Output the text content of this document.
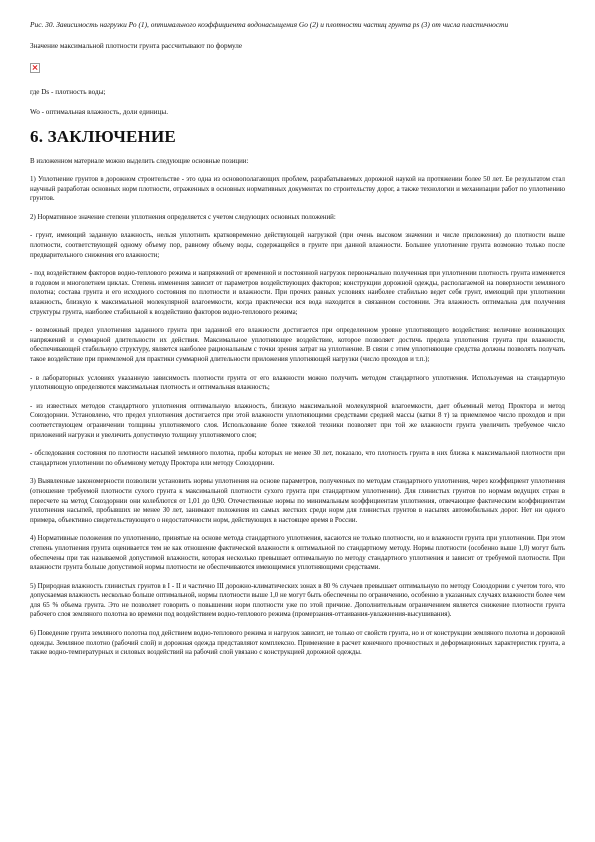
Рис. 30. Зависимость нагрузки Ро (1), оптимального коэффициента водонасыщения Go (2) и плотности частиц грунта ps (3) от числа пластичности

Значение максимальной плотности грунта рассчитывают по формуле

где Ds - плотность воды;

Wo - оптимальная влажность, доли единицы.

6. ЗАКЛЮЧЕНИЕ

В изложенном материале можно выделить следующие основные позиции:

1) Уплотнение грунтов в дорожном строительстве - это одна из основополагающих проблем, разрабатываемых дорожной наукой на протяжении более 50 лет. Ее результатом стал научный разработан основных норм плотности, отраженных в основных нормативных документах по строительству дорог, а также технологии и механизации работ по уплотнению грунтов.

2) Нормативное значение степени уплотнения определяется с учетом следующих основных положений:

- грунт, имеющий заданную влажность, нельзя уплотнить кратковременно действующей нагрузкой (при очень высоком значении и числе приложения) до плотности выше плотности, соответствующей одному объему пор, равному объему воды, содержащейся в грунте при данной влажности. Большее уплотнение грунта возможно только после предварительного снижения его влажности;

- под воздействием факторов водно-теплового режима и напряжений от временной и постоянной нагрузок первоначально полученная при уплотнении плотность грунта изменяется в годовом и многолетнем циклах. Степень изменения зависит от параметров воздействующих факторов; конструкции дорожной одежды, располагаемой на поверхности земляного полотна; состава грунта и его исходного состояния по плотности и влажности. При прочих равных условиях наиболее стабильно ведет себя грунт, имеющий при уплотнении влажность, близкую к максимальной молекулярной влагоемкости, когда практически вся вода находится в связанном состоянии. Эта влажность оптимальна для получения структуры грунта, наиболее стабильной к воздействию факторов водно-теплового режима;

- возможный предел уплотнения заданного грунта при заданной его влажности достигается при определенном уровне уплотняющего воздействия: величине возникающих напряжений и суммарной длительности их действия. Максимальное уплотняющее воздействие, которое позволяет достичь предела уплотнения грунта при влажности, обеспечивающей стабильную структуру, является наиболее рациональным с точки зрения затрат на уплотнение. В связи с этим уплотняющие средства должны позволять получать такое воздействие при приемлемой для практики суммарной длительности приложения уплотняющей нагрузки (число проходов и т.п.);

- в лабораторных условиях указанную зависимость плотности грунта от его влажности можно получить методом стандартного уплотнения. Используемая на стандартную уплотняющую определяются максимальная плотность и оптимальная влажность;

- из известных методов стандартного уплотнения оптимальную влажность, близкую максимальной молекулярной влагоемкости, дает объемный метод Проктора и метод Союздорнии. Установлено, что предел уплотнения достигается при этой влажности уплотняющими средствами средней массы (катки 8 т) за приемлемое число проходов и при соответствующем ограничении толщины уплотняемого слоя. Использование более тяжелой техники позволяет при той же влажности грунта увеличить требуемое число приложений нагрузки и увеличить допустимую толщину уплотняемого слоя;

- обследования состояния по плотности насыпей земляного полотна, пробы которых не менее 30 лет, показало, что плотность грунта в них близка к максимальной плотности при стандартном уплотнении по объемному методу Проктора или методу Союздорнии.

3) Выявленные закономерности позволили установить нормы уплотнения на основе параметров, полученных по методам стандартного уплотнения, через коэффициент уплотнения (отношение требуемой плотности сухого грунта к максимальной плотности сухого грунта при стандартном уплотнении). Для глинистых грунтов по нормам ведущих стран в пересчете на метод Союздорнии они колеблются от 1,01 до 0,90. Отечественные нормы по минимальным коэффициентам уплотнения, отвечающие фактическим коэффициентам уплотнения насыпей, пробывших не менее 30 лет, занимают положения из самых жестких среди норм для глинистых грунтов в насыпях автомобильных дорог. Нет ни одного примера, объективно свидетельствующего о недостаточности норм, действующих в настоящее время в России.

4) Нормативные положения по уплотнению, принятые на основе метода стандартного уплотнения, касаются не только плотности, но и влажности грунта при уплотнении. При этом степень уплотнения грунта оценивается тем не как отношение фактической влажности к оптимальной по стандартному методу. Нормы плотности (особенно выше 1,0) могут быть обеспечены при так называемой допустимой влажности, которая несколько превышает оптимальную по методу стандартного уплотнения и зависит от требуемой плотности. При влажности грунта больше допустимой нормы плотности не обеспечиваются имеющимися уплотняющими средствами.

5) Природная влажность глинистых грунтов в I - II и частично III дорожно-климатических зонах в 80 % случаев превышает оптимальную по методу Союздорнии с учетом того, что допускаемая влажность несколько больше оптимальной, нормы плотности выше 1,0 не могут быть обеспечены по ограничению, особенно в указанных случаях влажности более чем для 65 % объема грунта. Это не позволяет говорить о повышении норм плотности уже по этой причине. Дополнительным ограничением является снижение плотности грунта рабочего слоя земляного полотна во времени под воздействием водно-теплового режима (промерзания-оттаивания-увлажнения-высушивания).

6) Поведение грунта земляного полотна под действием водно-теплового режима и нагрузок зависит, не только от свойств грунта, но и от конструкции земляного полотна и дорожной одежды. Земляное полотно (рабочий слой) и дорожная одежда представляют комплексно. Применение в расчет конечного прочностных и деформационных характеристик грунта, а также водно-температурных и силовых воздействий на рабочий слой увязано с конструкцией дорожной одежды.
